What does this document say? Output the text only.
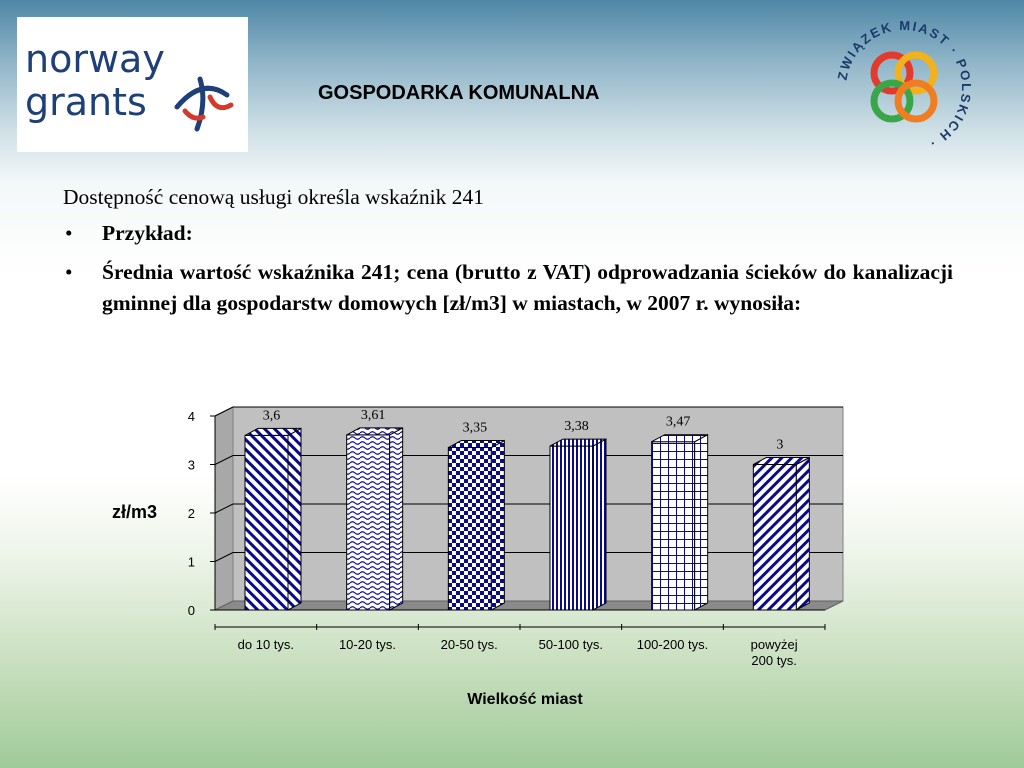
norway
grants	GOSPODARKA KOMUNALNA
ZWIĄZEK MIAST · POLSKICH ·

Dostępność cenową usługi określa wskaźnik 241

• Przykład:
• Średnia wartość wskaźnika 241; cena (brutto z VAT) odprowadzania ścieków do kanalizacji gminnej dla gospodarstw domowych [zł/m3] w miastach, w 2007 r. wynosiła:
0
1
2
3
4
zł/m3
3,6
do 10 tys.
3,61
10-20 tys.
3,35
20-50 tys.
3,38
50-100 tys.
3,47
100-200 tys.
3
powyżej
200 tys.
Wielkość miast
